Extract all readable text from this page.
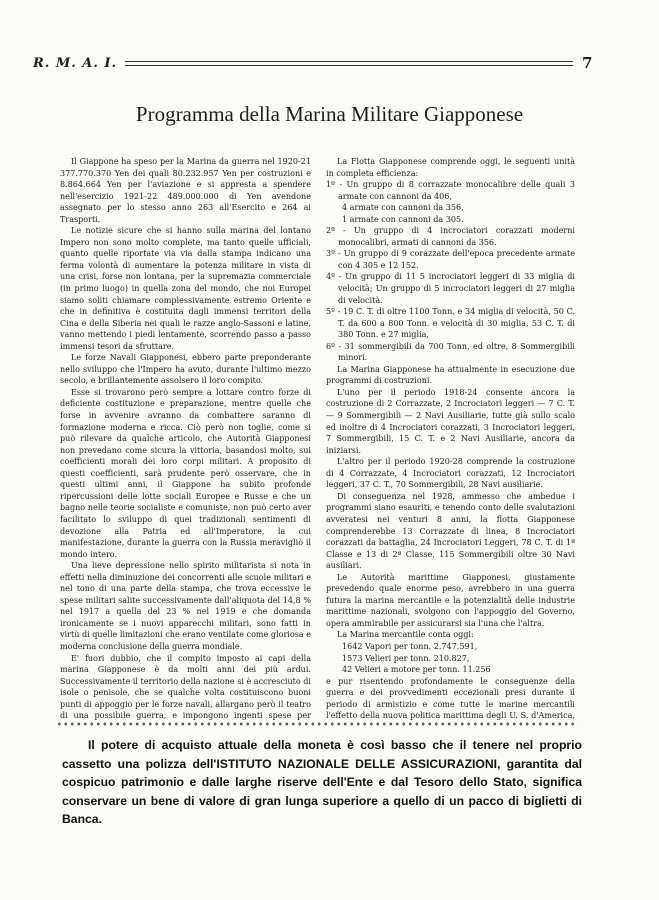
R. M. A. I.	7
Programma della Marina Militare Giapponese

Il Giappone ha speso per la Marina da guerra nel 1920-21 377.770.370 Yen dei quali 80.232.957 Yen per costruzioni e 8.864.664 Yen per l'aviazione e si appresta a spendere nell'esercizio 1921-22 489.000.000 di Yen avendone assegnato per lo stesso anno 263 all'Esercito e 264 ai Trasporti.

Le notizie sicure che si hanno sulla marina del lontano Impero non sono molto complete, ma tanto quelle ufficiali, quanto quelle riportate via via dalla stampa indicano una ferma volontà di aumentare la potenza militare in vista di una crisi, forse non lontana, per la supremazia commerciale (in primo luogo) in quella zona del mondo, che noi Europei siamo soliti chiamare complessivamente estremo Oriente e che in definitiva è costituita dagli immensi territori della Cina e della Siberia nei quali le razze anglo-Sassoni e latine, vanno mettendo i piedi lentamente, scorrendo passo a passo immensi tesori da sfruttare.

Le forze Navali Giapponesi, ebbero parte preponderante nello sviluppo che l'Impero ha avuto, durante l'ultimo mezzo secolo, e brillantemente assolsero il loro compito.

Esse si trovarono però sempre a lottare contro forze di deficiente costituzione e preparazione, mentre quelle che forse in avvenire avranno da combattere saranno di formazione moderna e ricca. Ciò però non toglie, come si può rilevare da qualche articolo, che Autorità Giapponesi non prevedano come sicura la vittoria, basandosi molto, sui coefficienti morali dei loro corpi militari. A proposito di questi coefficienti, sarà prudente però osservare, che in questi ultimi anni, il Giappone ha subito profonde ripercussioni delle lotte sociali Europee e Russe e che un bagno nelle teorie socialiste e comuniste, non può certo aver facilitato lo sviluppo di quei tradizionali sentimenti di devozione alla Patria ed all'Imperatore, la cui manifestazione, durante la guerra con la Russia meravigliò il mondo intero.

Una lieve depressione nello spirito militarista si nota in effetti nella diminuzione dei concorrenti alle scuole militari e nel tono di una parte della stampa, che trova eccessive le spese militari salite successivamente dall'aliquota del 14,8 % nel 1917 a quella del 23 % nel 1919 e che domanda ironicamente se i nuovi apparecchi militari, sono fatti in virtù di quelle limitazioni che erano ventilate come gloriosa e moderna conclusione della guerra mondiale.

E' fuori dubbio, che il compito imposto ai capi della marina Giapponese è da molti anni dei più ardui. Successivamente il territorio della nazione si è accresciuto di isole o penisole, che se qualche volta costituiscono buoni punti di appoggio per le forze navali, allargano però il teatro di una possibile guerra, e impongono ingenti spese per

La Flotta Giapponese comprende oggi, le seguenti unità in completa efficienza:

1º - Un gruppo di 8 corrazzate monocalibre delle quali 3 armate con cannoni da 406,

4 armate con cannoni da 356,

1 armate con cannoni da 305.

2º - Un gruppo di 4 incrociatori corazzati moderni monocalibri, armati di cannoni da 356.

3º - Un gruppo di 9 corazzate dell'epoca precedente armate con 4 305 e 12 152.

4º - Un gruppo di 11 5 incrociatori leggeri di 33 miglia di velocità; Un gruppo di 5 incrociatori leggeri di 27 miglia di velocità.

5º - 19 C. T. di oltre 1100 Tonn, e 34 miglia di velocità, 50 C. T. da 600 a 800 Tonn. e velocità di 30 miglia, 53 C. T. di 380 Tonn. e 27 miglia,

6º - 31 sommergibili da 700 Tonn, ed oltre, 8 Sommergibili minori.

La Marina Giapponese ha attualmente in esecuzione due programmi di costruzioni.

L'uno per il periodo 1918-24 consente ancora la costruzione di 2 Corrazzate, 2 Incrociatori leggeri — 7 C. T. — 9 Sommergibili — 2 Navi Ausiliarie, tutte già sullo scalo ed inoltre di 4 Incrociatori corazzati, 3 Incrociatori leggeri, 7 Sommergibili, 15 C. T. e 2 Navi Ausiliarie, ancora da iniziarsi.

L'altro per il periodo 1920-28 comprende la costruzione di 4 Corrazzate, 4 Incrociatori corazzati, 12 Incrociatori leggeri, 37 C. T., 70 Sommergibili, 28 Navi ausiliarie.

Di conseguenza nel 1928, ammesso che ambedue i programmi siano esauriti, e tenendo conto delle svalutazioni avveratesi nei venturi 8 anni, la flotta Giapponese comprenderebbe 13 Corrazzate di linea, 8 Incrociatori corazzati da battaglia, 24 Incrociatori Leggeri, 78 C. T. di 1ª Classe e 13 di 2ª Classe, 115 Sommergibili oltre 30 Navi ausiliari.

Le Autorità marittime Giapponesi, giustamente prevedendo quale enorme peso, avrebbero in una guerra futura la marina mercantile e la potenzialità delle industrie marittime nazionali, svolgono con l'appoggio del Governo, opera ammirabile per assicurarsi sia l'una che l'altra.

La Marina mercantile conta oggi:

1642 Vapori per tonn. 2.747.591,

1573 Velieri per tonn. 210.827,

42 Velieri a motore per tonn. 11.256

e pur risentendo profondamente le conseguenze della guerra e dei provvedimenti eccezionali presi durante il periodo di armistizio e come tutte le marine mercantili l'effetto della nuova politica marittima degli U. S. d'America,

Il potere di acquisto attuale della moneta è così basso che il tenere nel proprio cassetto una polizza dell'ISTITUTO NAZIONALE DELLE ASSICURAZIONI, garantita dal cospicuo patrimonio e dalle larghe riserve dell'Ente e dal Tesoro dello Stato, significa conservare un bene di valore di gran lunga superiore a quello di un pacco di biglietti di Banca.
